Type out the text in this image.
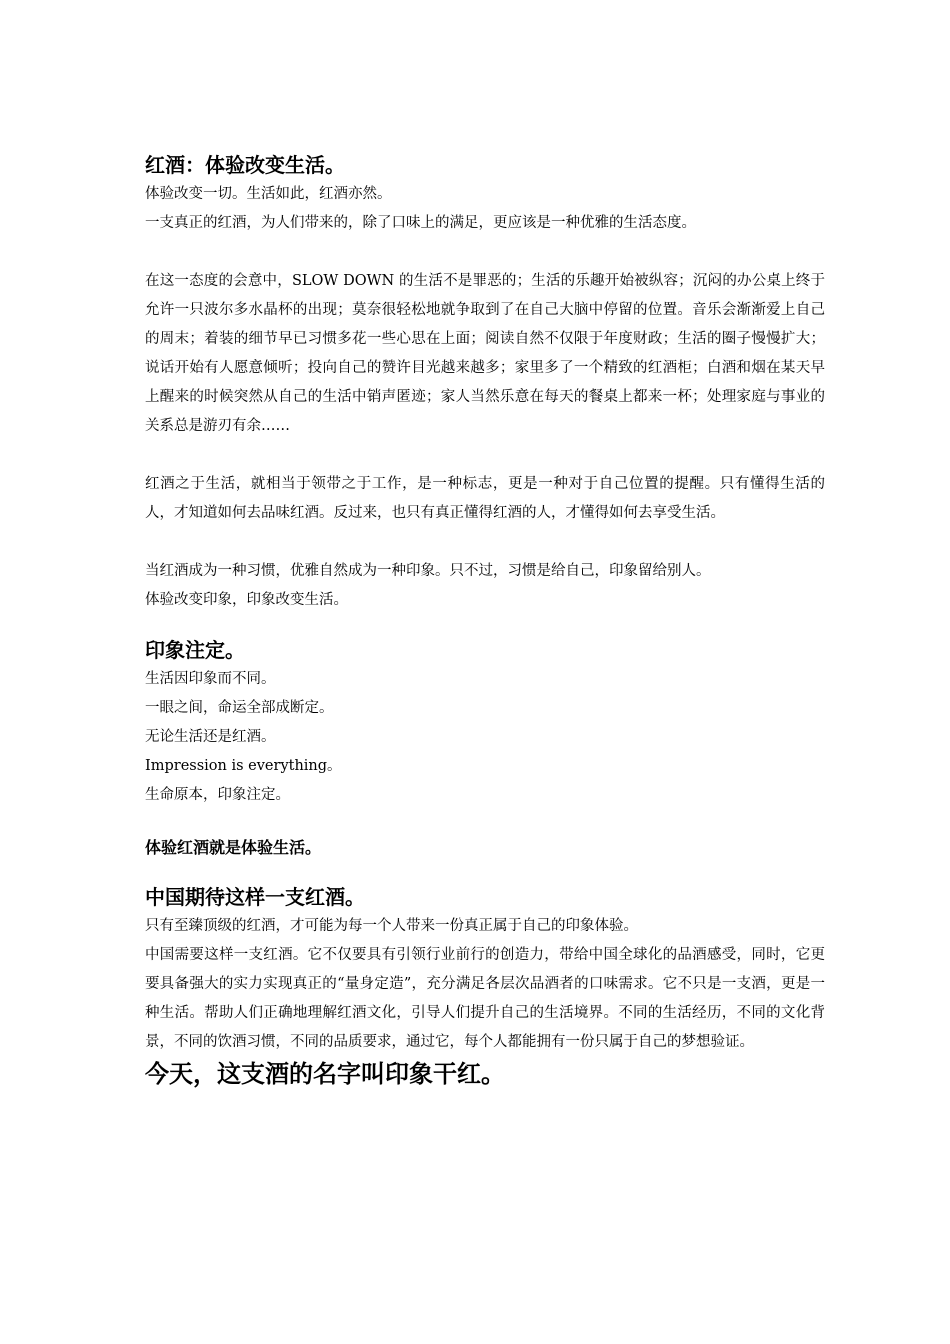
红酒：体验改变生活。

体验改变一切。生活如此，红酒亦然。

一支真正的红酒，为人们带来的，除了口味上的满足，更应该是一种优雅的生活态度。

在这一态度的会意中，SLOW DOWN 的生活不是罪恶的；生活的乐趣开始被纵容；沉闷的办公桌上终于允许一只波尔多水晶杯的出现；莫奈很轻松地就争取到了在自己大脑中停留的位置。音乐会渐渐爱上自己的周末；着装的细节早已习惯多花一些心思在上面；阅读自然不仅限于年度财政；生活的圈子慢慢扩大；说话开始有人愿意倾听；投向自己的赞许目光越来越多；家里多了一个精致的红酒柜；白酒和烟在某天早上醒来的时候突然从自己的生活中销声匿迹；家人当然乐意在每天的餐桌上都来一杯；处理家庭与事业的关系总是游刃有余……

红酒之于生活，就相当于领带之于工作，是一种标志，更是一种对于自己位置的提醒。只有懂得生活的人，才知道如何去品味红酒。反过来，也只有真正懂得红酒的人，才懂得如何去享受生活。

当红酒成为一种习惯，优雅自然成为一种印象。只不过，习惯是给自己，印象留给别人。

体验改变印象，印象改变生活。

印象注定。

生活因印象而不同。

一眼之间，命运全部成断定。

无论生活还是红酒。

Impression is everything。

生命原本，印象注定。

体验红酒就是体验生活。

中国期待这样一支红酒。

只有至臻顶级的红酒，才可能为每一个人带来一份真正属于自己的印象体验。

中国需要这样一支红酒。它不仅要具有引领行业前行的创造力，带给中国全球化的品酒感受，同时，它更要具备强大的实力实现真正的“量身定造”，充分满足各层次品酒者的口味需求。它不只是一支酒，更是一种生活。帮助人们正确地理解红酒文化，引导人们提升自己的生活境界。不同的生活经历，不同的文化背景，不同的饮酒习惯，不同的品质要求，通过它，每个人都能拥有一份只属于自己的梦想验证。

今天，这支酒的名字叫印象干红。
